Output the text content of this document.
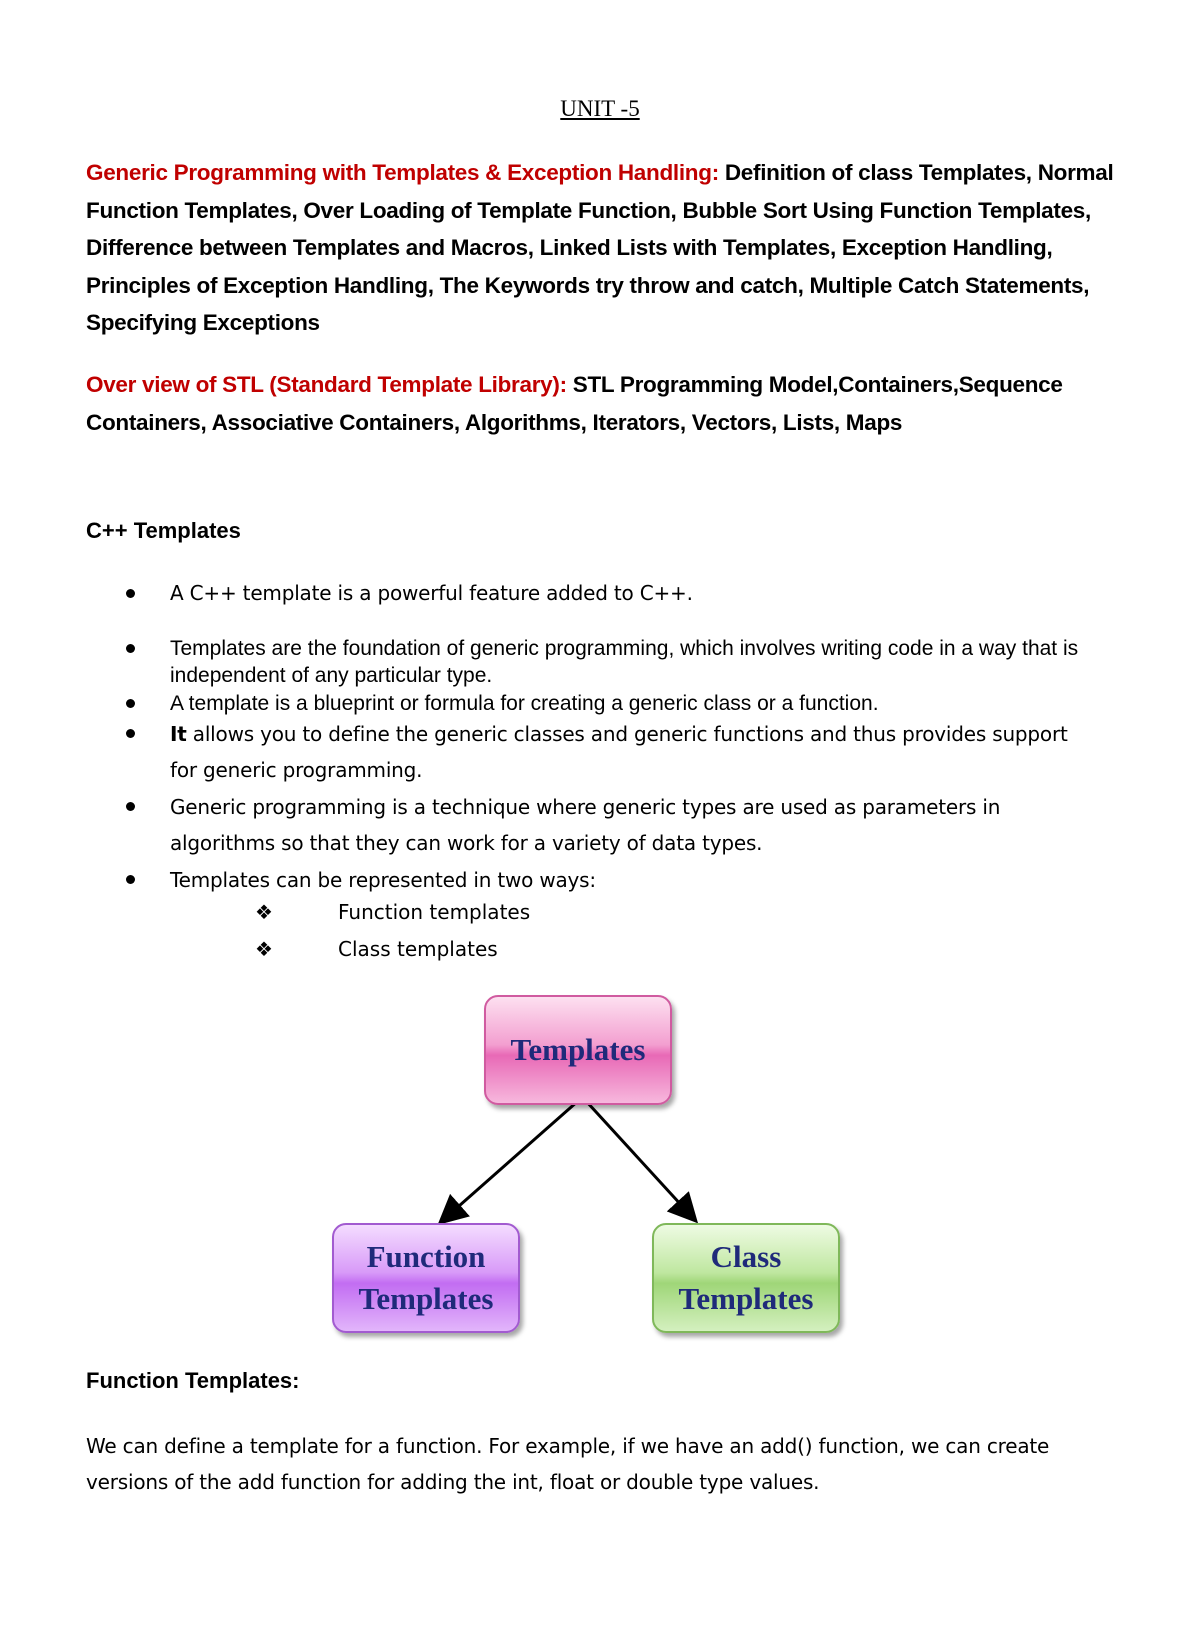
UNIT -5
Generic Programming with Templates & Exception Handling: Definition of class Templates, Normal Function Templates, Over Loading of Template Function, Bubble Sort Using Function Templates, Difference between Templates and Macros, Linked Lists with Templates, Exception Handling, Principles of Exception Handling, The Keywords try throw and catch, Multiple Catch Statements, Specifying Exceptions
Over view of STL (Standard Template Library): STL Programming Model,Containers,Sequence Containers, Associative Containers, Algorithms, Iterators, Vectors, Lists, Maps
C++ Templates
A C++ template is a powerful feature added to C++.
Templates are the foundation of generic programming, which involves writing code in a way that is independent of any particular type.
A template is a blueprint or formula for creating a generic class or a function.
It allows you to define the generic classes and generic functions and thus provides support for generic programming.
Generic programming is a technique where generic types are used as parameters in algorithms so that they can work for a variety of data types.
Templates can be represented in two ways:
❖	Function templates
❖	Class templates
Templates
Function
Templates
Class
Templates
Function Templates:
We can define a template for a function. For example, if we have an add() function, we can create versions of the add function for adding the int, float or double type values.
